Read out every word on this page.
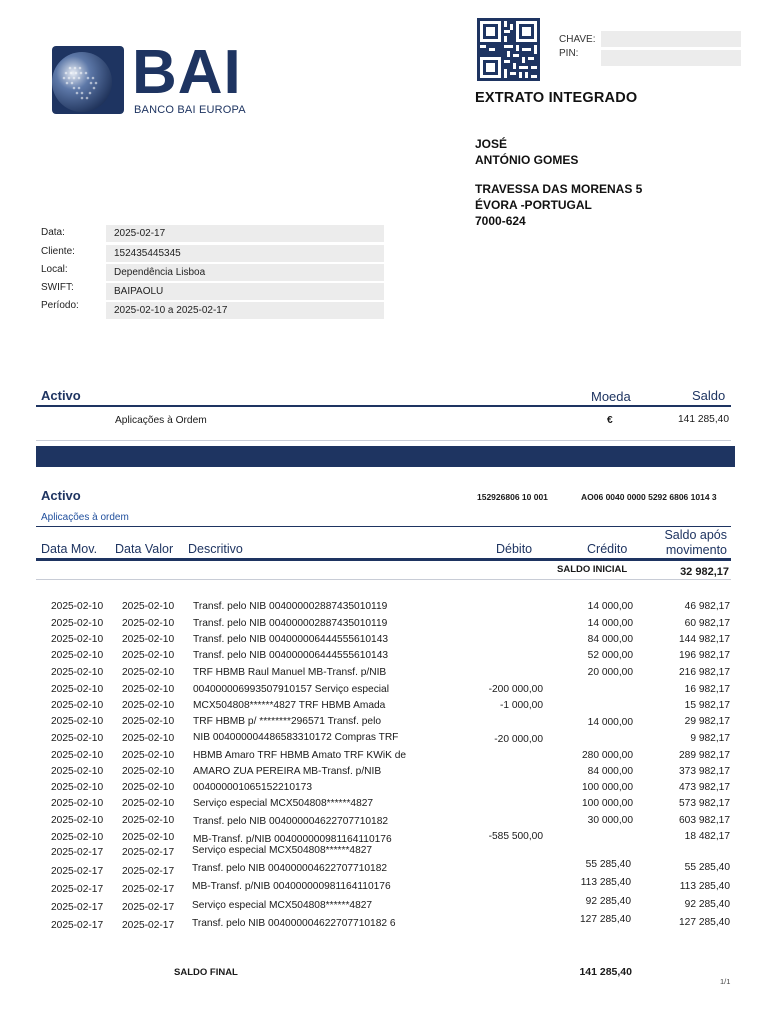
BAI
BANCO BAI EUROPA
CHAVE:
PIN:
EXTRATO INTEGRADO
JOSÉ
ANTÓNIO GOMES
TRAVESSA DAS MORENAS 5
ÉVORA -PORTUGAL
7000-624
Data:	2025-02-17
Cliente:	152435445345
Local:	Dependência Lisboa
SWIFT:	BAIPAOLU
Período:	2025-02-10 a 2025-02-17
Activo	Moeda	Saldo
Aplicações à Ordem	€	141 285,40
Activo	152926806 10 001	AO06 0040 0000 5292 6806 1014 3
Aplicações à ordem
Data Mov. Data Valor Descritivo	Débito	Crédito
Saldo após
movimento
SALDO INICIAL	32 982,17
2025-02-10 2025-02-10 Transf. pelo NIB 004000002887435010119	14 000,00	46 982,17
2025-02-10 2025-02-10 Transf. pelo NIB 004000002887435010119	14 000,00	60 982,17
2025-02-10 2025-02-10 Transf. pelo NIB 004000006444555610143	84 000,00	144 982,17
2025-02-10 2025-02-10 Transf. pelo NIB 004000006444555610143	52 000,00	196 982,17
2025-02-10 2025-02-10 TRF HBMB Raul Manuel MB-Transf. p/NIB	20 000,00	216 982,17
2025-02-10 2025-02-10 004000006993507910157 Serviço especial	-200 000,00	16 982,17
2025-02-10 2025-02-10 MCX504808******4827 TRF HBMB Amada	-1 000,00	15 982,17
2025-02-10 2025-02-10 TRF HBMB p/ ********296571 Transf. pelo	14 000,00	29 982,17
2025-02-10 2025-02-10 NIB 004000004486583310172 Compras TRF	-20 000,00	9 982,17
2025-02-10 2025-02-10 HBMB Amaro TRF HBMB Amato TRF KWiK de	280 000,00	289 982,17
2025-02-10 2025-02-10 AMARO ZUA PEREIRA MB-Transf. p/NIB	84 000,00	373 982,17
2025-02-10 2025-02-10 004000001065152210173	100 000,00	473 982,17
2025-02-10 2025-02-10 Serviço especial MCX504808******4827	100 000,00	573 982,17
2025-02-10 2025-02-10 Transf. pelo NIB 004000004622707710182	30 000,00	603 982,17
2025-02-10 2025-02-10 MB-Transf. p/NIB 004000000981164110176	-585 500,00	18 482,17
2025-02-17 2025-02-17 Serviço especial MCX504808******4827
2025-02-17 2025-02-17 Transf. pelo NIB 004000004622707710182	55 285,40	55 285,40
2025-02-17 2025-02-17 MB-Transf. p/NIB 004000000981164110176	113 285,40	113 285,40
2025-02-17 2025-02-17 Serviço especial MCX504808******4827	92 285,40	92 285,40
2025-02-17 2025-02-17 Transf. pelo NIB 004000004622707710182 6	127 285,40	127 285,40
SALDO FINAL	141 285,40
1/1
